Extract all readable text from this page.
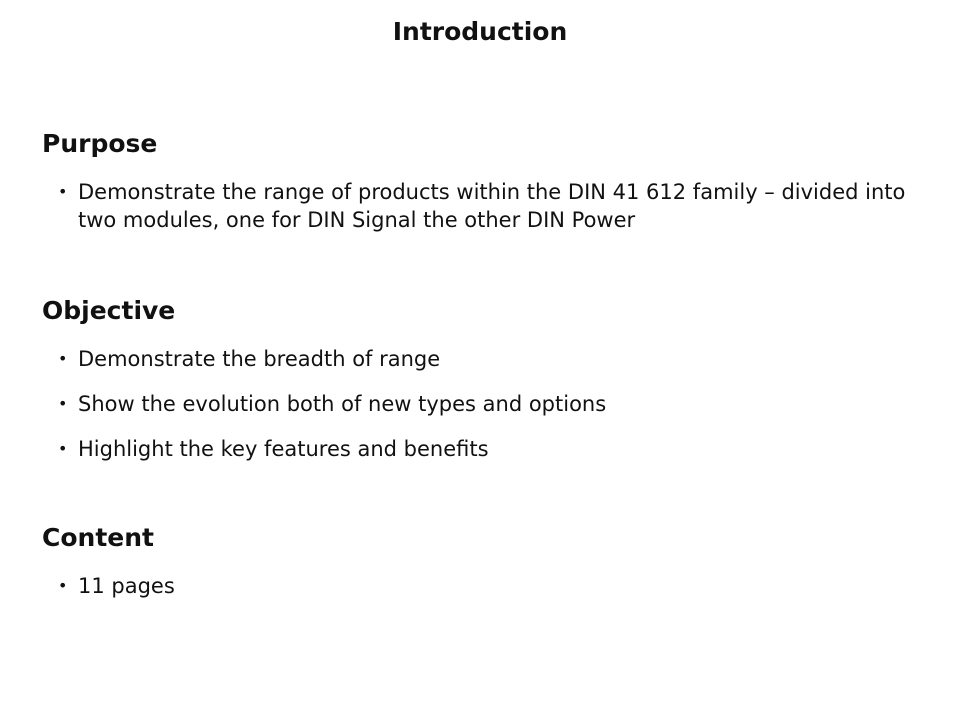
Introduction
Purpose
• Demonstrate the range of products within the DIN 41 612 family – divided into two modules, one for DIN Signal the other DIN Power
Objective
• Demonstrate the breadth of range
• Show the evolution both of new types and options
• Highlight the key features and benefits
Content
• 11 pages
